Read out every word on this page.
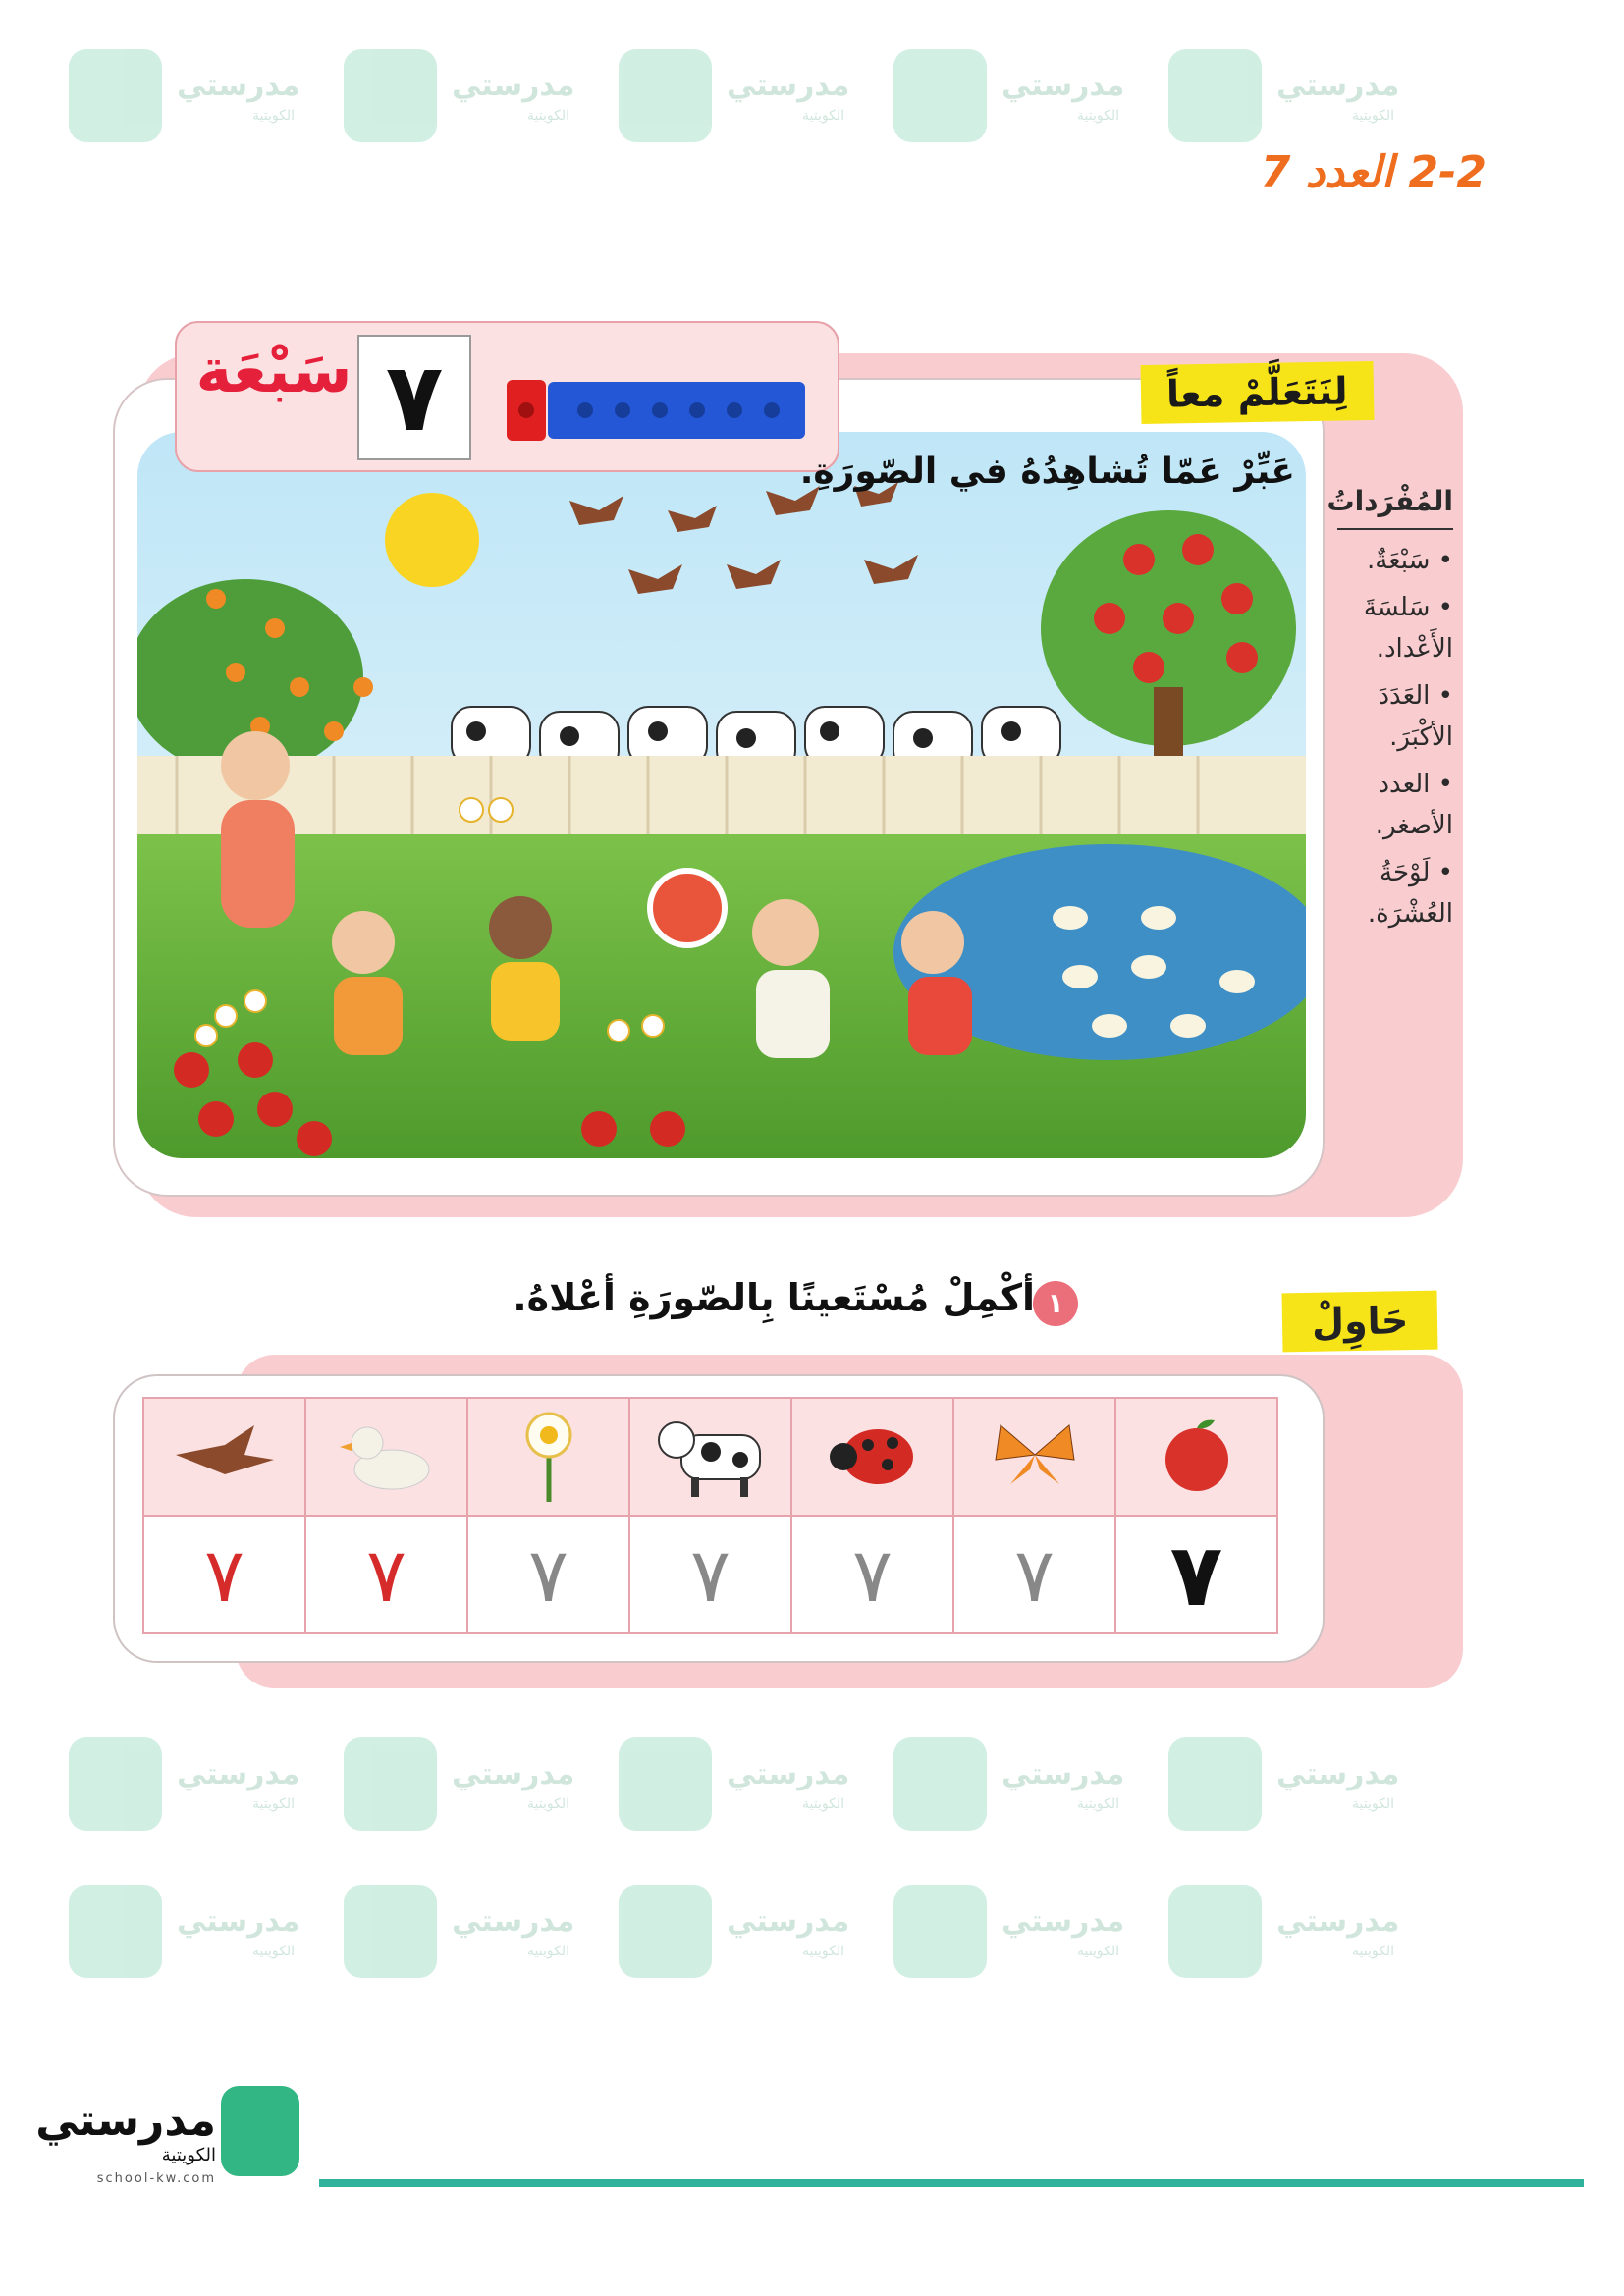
مدرستي
الكويتية
مدرستي
الكويتية
مدرستي
الكويتية
مدرستي
الكويتية
مدرستي
الكويتية
مدرستي
الكويتية
مدرستي
الكويتية
مدرستي
الكويتية
مدرستي
الكويتية
مدرستي
الكويتية
مدرستي
الكويتية
مدرستي
الكويتية
مدرستي
الكويتية
مدرستي
الكويتية
مدرستي
الكويتية
2-2 العدد 7
سَبْعَة ٧	لِنَتَعَلَّمْ معاً
عَبِّرْ عَمّا تُشاهِدُهُ في الصّورَةِ.
المُفْرَداتُ
• سَبْعَةٌ.
• سَلسَةَ الأَعْداد.
• العَدَدَ الأكْبَرَ.
• العدد الأصغر.
• لَوْحَةُ العُشْرَة.
حَاوِلْ
١
أكْمِلْ مُسْتَعينًا بِالصّورَةِ أعْلاهُ.

٧	٧	٧	٧	٧	٧	٧
مدرستي
الكويتية
school-kw.com
